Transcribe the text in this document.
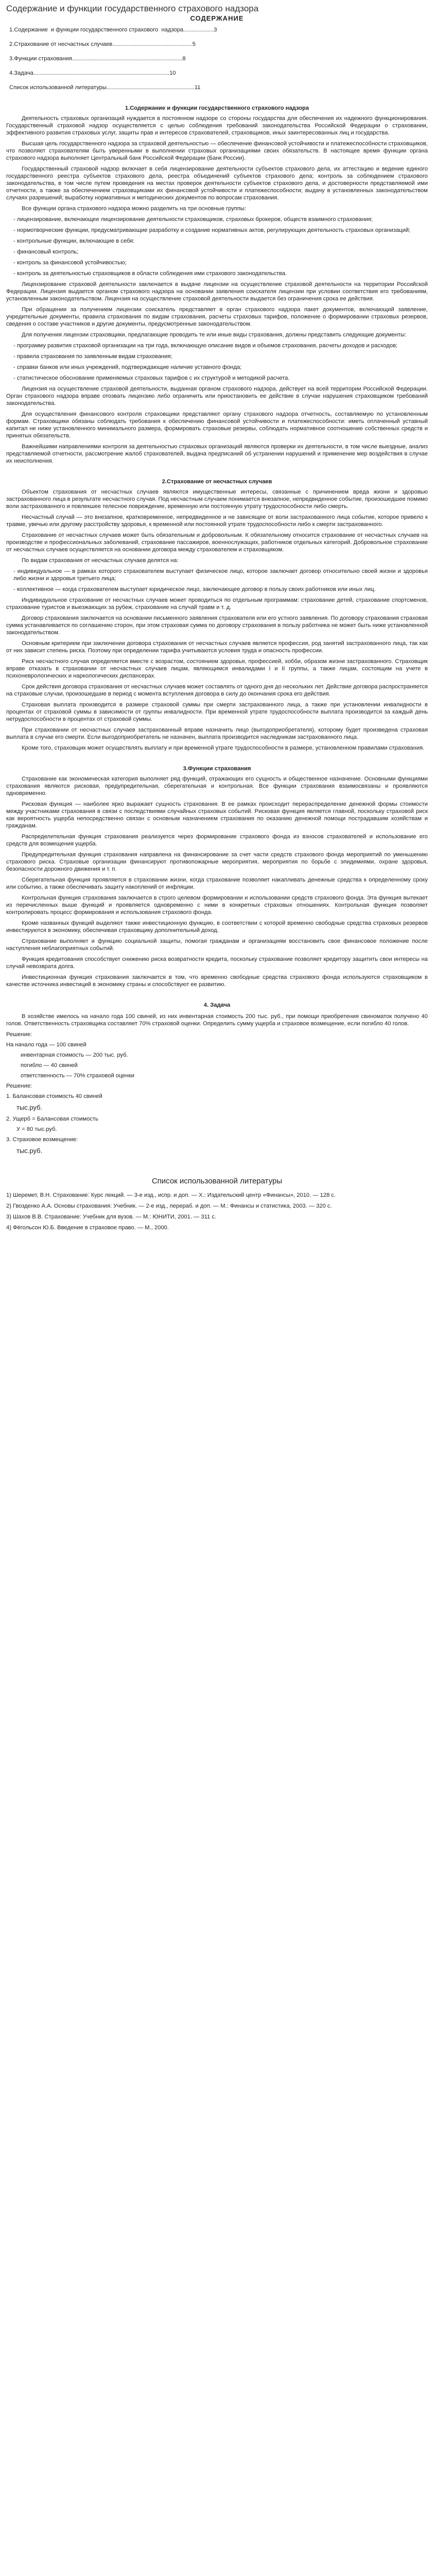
Содержание и функции государственного страхового надзора
СОДЕРЖАНИЕ
1.Содержание  и функции государственного страхового  надзора...................3
2.Страхование от несчастных случаев..................................................5
3.Функции страхования.....................................................................8
4.Задача.....................................................................................10
Список использованной литературы.......................................................11
1.Содержание и функции государственного страхового надзора

Деятельность страховых организаций нуждается в постоянном надзоре со стороны государства для обеспечения их надежного функционирования. Государственный страховой надзор осуществляется с целью соблюдения требований законодательства Российской Федерации о страховании, эффективного развития страховых услуг, защиты прав и интересов страхователей, страховщиков, иных заинтересованных лиц и государства.

Высшая цель государственного надзора за страховой деятельностью — обеспечение финансовой устойчивости и платежеспособности страховщиков, что позволяет страхователям быть уверенными в выполнении страховых организациями своих обязательств. В настоящее время функции органа страхового надзора выполняет Центральный банк Российской Федерации (Банк России).

Государственный страховой надзор включает в себя лицензирование деятельности субъектов страхового дела, их аттестацию и ведение единого государственного реестра субъектов страхового дела, реестра объединений субъектов страхового дела; контроль за соблюдением страхового законодательства, в том числе путем проведения на местах проверок деятельности субъектов страхового дела, и достоверности представляемой ими отчетности, а также за обеспечением страховщиками их финансовой устойчивости и платежеспособности; выдачу в установленных законодательством случаях разрешений; выработку нормативных и методических документов по вопросам страхования.

Все функции органа страхового надзора можно разделить на три основные группы:

- лицензирование, включающее лицензирование деятельности страховщиков, страховых брокеров, обществ взаимного страхования;

- нормотворческие функции, предусматривающие разработку и создание нормативных актов, регулирующих деятельность страховых организаций;

- контрольные функции, включающие в себя:

- финансовый контроль;

- контроль за финансовой устойчивостью;

- контроль за деятельностью страховщиков в области соблюдения ими страхового законодательства.

Лицензирование страховой деятельности заключается в выдаче лицензии на осуществление страховой деятельности на территории Российской Федерации. Лицензия выдается органом страхового надзора на основании заявления соискателя лицензии при условии соответствия его требованиям, установленным законодательством. Лицензия на осуществление страховой деятельности выдается без ограничения срока ее действия.

При обращении за получением лицензии соискатель представляет в орган страхового надзора пакет документов, включающий заявление, учредительные документы, правила страхования по видам страхования, расчеты страховых тарифов, положение о формировании страховых резервов, сведения о составе участников и другие документы, предусмотренные законодательством.

Для получения лицензии страховщики, предлагающие проводить те или иные виды страхования, должны представить следующие документы:

- программу развития страховой организации на три года, включающую описание видов и объемов страхования, расчеты доходов и расходов;

- правила страхования по заявленным видам страхования;

- справки банков или иных учреждений, подтверждающие наличие уставного фонда;

- статистическое обоснование применяемых страховых тарифов с их структурой и методикой расчета.

Лицензия на осуществление страховой деятельности, выданная органом страхового надзора, действует на всей территории Российской Федерации. Орган страхового надзора вправе отозвать лицензию либо ограничить или приостановить ее действие в случае нарушения страховщиком требований законодательства.

Для осуществления финансового контроля страховщики представляют органу страхового надзора отчетность, составляемую по установленным формам. Страховщики обязаны соблюдать требования к обеспечению финансовой устойчивости и платежеспособности: иметь оплаченный уставный капитал не ниже установленного минимального размера, формировать страховые резервы, соблюдать нормативное соотношение собственных средств и принятых обязательств.

Важнейшими направлениями контроля за деятельностью страховых организаций являются проверки их деятельности, в том числе выездные, анализ представляемой отчетности, рассмотрение жалоб страхователей, выдача предписаний об устранении нарушений и применение мер воздействия в случае их неисполнения.

2.Страхование от несчастных случаев

Объектом страхования от несчастных случаев являются имущественные интересы, связанные с причинением вреда жизни и здоровью застрахованного лица в результате несчастного случая. Под несчастным случаем понимается внезапное, непредвиденное событие, произошедшее помимо воли застрахованного и повлекшее телесное повреждение, временную или постоянную утрату трудоспособности либо смерть.

Несчастный случай — это внезапное, кратковременное, непредвиденное и не зависящее от воли застрахованного лица событие, которое привело к травме, увечью или другому расстройству здоровья, к временной или постоянной утрате трудоспособности либо к смерти застрахованного.

Страхование от несчастных случаев может быть обязательным и добровольным. К обязательному относится страхование от несчастных случаев на производстве и профессиональных заболеваний, страхование пассажиров, военнослужащих, работников отдельных категорий. Добровольное страхование от несчастных случаев осуществляется на основании договора между страхователем и страховщиком.

По видам страхования от несчастных случаев делятся на:

- индивидуальное — в рамках которого страхователем выступает физическое лицо, которое заключает договор относительно своей жизни и здоровья либо жизни и здоровья третьего лица;

- коллективное — когда страхователем выступает юридическое лицо, заключающее договор в пользу своих работников или иных лиц.

Индивидуальное страхование от несчастных случаев может проводиться по отдельным программам: страхование детей, страхование спортсменов, страхование туристов и выезжающих за рубеж, страхование на случай травм и т. д.

Договор страхования заключается на основании письменного заявления страхователя или его устного заявления. По договору страхования страховая сумма устанавливается по соглашению сторон, при этом страховая сумма по договору страхования в пользу работника не может быть ниже установленной законодательством.

Основным критерием при заключении договора страхования от несчастных случаев является профессия, род занятий застрахованного лица, так как от них зависит степень риска. Поэтому при определении тарифа учитываются условия труда и опасность профессии.

Риск несчастного случая определяется вместе с возрастом, состоянием здоровья, профессией, хобби, образом жизни застрахованного. Страховщик вправе отказать в страховании от несчастных случаев лицам, являющимся инвалидами I и II группы, а также лицам, состоящим на учете в психоневрологических и наркологических диспансерах.

Срок действия договора страхования от несчастных случаев может составлять от одного дня до нескольких лет. Действие договора распространяется на страховые случаи, произошедшие в период с момента вступления договора в силу до окончания срока его действия.

Страховая выплата производится в размере страховой суммы при смерти застрахованного лица, а также при установлении инвалидности в процентах от страховой суммы в зависимости от группы инвалидности. При временной утрате трудоспособности выплата производится за каждый день нетрудоспособности в процентах от страховой суммы.

При страховании от несчастных случаев застрахованный вправе назначить лицо (выгодоприобретателя), которому будет произведена страховая выплата в случае его смерти. Если выгодоприобретатель не назначен, выплата производится наследникам застрахованного лица.

Кроме того, страховщик может осуществлять выплату и при временной утрате трудоспособности в размере, установленном правилами страхования.

3.Функции страхования

Страхование как экономическая категория выполняет ряд функций, отражающих его сущность и общественное назначение. Основными функциями страхования являются рисковая, предупредительная, сберегательная и контрольная. Все функции страхования взаимосвязаны и проявляются одновременно.

Рисковая функция — наиболее ярко выражает сущность страхования. В ее рамках происходит перераспределение денежной формы стоимости между участниками страхования в связи с последствиями случайных страховых событий. Рисковая функция является главной, поскольку страховой риск как вероятность ущерба непосредственно связан с основным назначением страхования по оказанию денежной помощи пострадавшим хозяйствам и гражданам.

Распределительная функция страхования реализуется через формирование страхового фонда из взносов страхователей и использование его средств для возмещения ущерба.

Предупредительная функция страхования направлена на финансирование за счет части средств страхового фонда мероприятий по уменьшению страхового риска. Страховые организации финансируют противопожарные мероприятия, мероприятия по борьбе с эпидемиями, охране здоровья, безопасности дорожного движения и т. п.

Сберегательная функция проявляется в страховании жизни, когда страхование позволяет накапливать денежные средства к определенному сроку или событию, а также обеспечивать защиту накоплений от инфляции.

Контрольная функция страхования заключается в строго целевом формировании и использовании средств страхового фонда. Эта функция вытекает из перечисленных выше функций и проявляется одновременно с ними в конкретных страховых отношениях. Контрольная функция позволяет контролировать процесс формирования и использования страхового фонда.

Кроме названных функций выделяют также инвестиционную функцию, в соответствии с которой временно свободные средства страховых резервов инвестируются в экономику, обеспечивая страховщику дополнительный доход.

Страхование выполняет и функцию социальной защиты, помогая гражданам и организациям восстановить свое финансовое положение после наступления неблагоприятных событий.

Функция кредитования способствует снижению риска возвратности кредита, поскольку страхование позволяет кредитору защитить свои интересы на случай невозврата долга.

Инвестиционная функция страхования заключается в том, что временно свободные средства страхового фонда используются страховщиком в качестве источника инвестиций в экономику страны и способствуют ее развитию.

4. Задача

В хозяйстве имелось на начало года 100 свиней, из них инвентарная стоимость 200 тыс. руб., при помощи приобретения свиноматок получено 40 голов. Ответственность страховщика составляет 70% страховой оценки. Определить сумму ущерба и страховое возмещение, если погибло 40 голов.

Решение:
На начало года — 100 свиней
инвентарная стоимость — 200 тыс. руб.
погибло — 40 свиней
ответственность — 70% страховой оценки
Решение:
1. Балансовая стоимость 40 свиней
тыс.руб.
2. Ущерб = Балансовая стоимость
У = 80 тыс.руб.
3. Страховое возмещение:
тыс.руб.
Список использованной литературы

1) Шеремет, В.Н. Страхование: Курс лекций. — 3-е изд., испр. и доп. — Х.: Издательский центр «Финансы», 2010. — 128 с.

2) Гвозденко А.А. Основы страхования: Учебник. — 2-е изд., перераб. и доп. — М.: Финансы и статистика, 2003. — 320 с.

3) Шахов В.В. Страхование: Учебник для вузов. — М.: ЮНИТИ, 2001. — 311 с.

4) Фёгольсон Ю.Б. Введение в страховое право. — М., 2000.
